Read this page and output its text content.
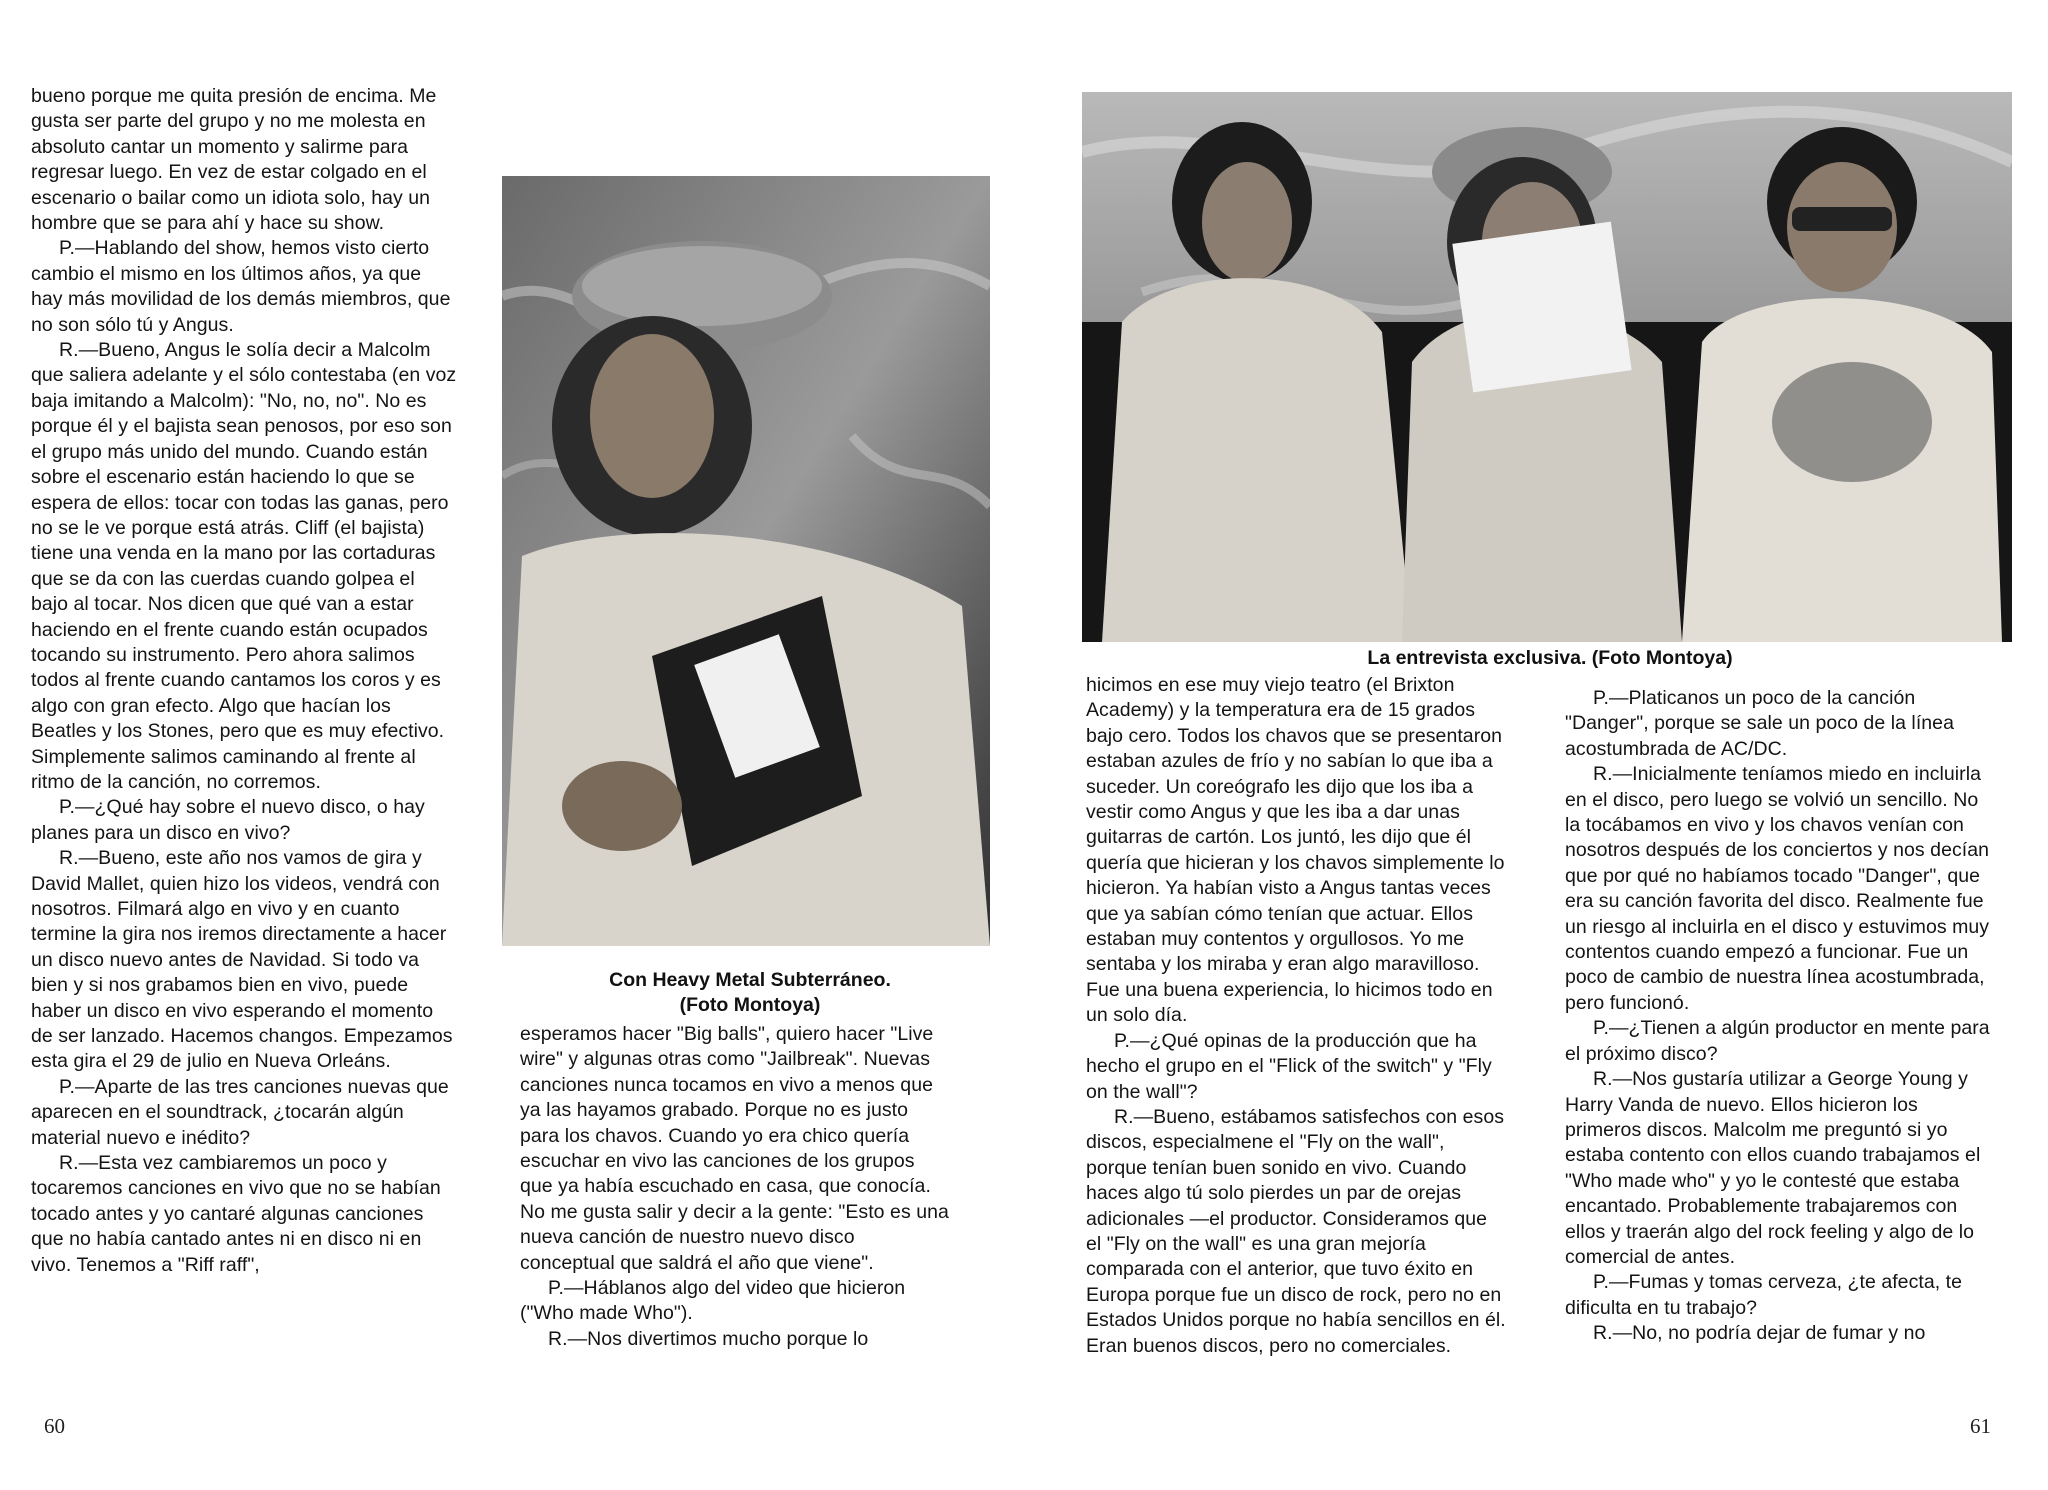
bueno porque me quita presión de encima. Me gusta ser parte del grupo y no me molesta en absoluto cantar un momento y salirme para regresar luego. En vez de estar colgado en el escenario o bailar como un idiota solo, hay un hombre que se para ahí y hace su show.

P.—Hablando del show, hemos visto cierto cambio el mismo en los últimos años, ya que hay más movilidad de los demás miembros, que no son sólo tú y Angus.

R.—Bueno, Angus le solía decir a Malcolm que saliera adelante y el sólo contestaba (en voz baja imitando a Malcolm): "No, no, no". No es porque él y el bajista sean penosos, por eso son el grupo más unido del mundo. Cuando están sobre el escenario están haciendo lo que se espera de ellos: tocar con todas las ganas, pero no se le ve porque está atrás. Cliff (el bajista) tiene una venda en la mano por las cortaduras que se da con las cuerdas cuando golpea el bajo al tocar. Nos dicen que qué van a estar haciendo en el frente cuando están ocupados tocando su instrumento. Pero ahora salimos todos al frente cuando cantamos los coros y es algo con gran efecto. Algo que hacían los Beatles y los Stones, pero que es muy efectivo. Simplemente salimos caminando al frente al ritmo de la canción, no corremos.

P.—¿Qué hay sobre el nuevo disco, o hay planes para un disco en vivo?

R.—Bueno, este año nos vamos de gira y David Mallet, quien hizo los videos, vendrá con nosotros. Filmará algo en vivo y en cuanto termine la gira nos iremos directamente a hacer un disco nuevo antes de Navidad. Si todo va bien y si nos grabamos bien en vivo, puede haber un disco en vivo esperando el momento de ser lanzado. Hacemos changos. Empezamos esta gira el 29 de julio en Nueva Orleáns.

P.—Aparte de las tres canciones nuevas que aparecen en el soundtrack, ¿tocarán algún material nuevo e inédito?

R.—Esta vez cambiaremos un poco y tocaremos canciones en vivo que no se habían tocado antes y yo cantaré algunas canciones que no había cantado antes ni en disco ni en vivo. Tenemos a "Riff raff",

Con Heavy Metal Subterráneo.
(Foto Montoya)

esperamos hacer "Big balls", quiero hacer "Live wire" y algunas otras como "Jailbreak". Nuevas canciones nunca tocamos en vivo a menos que ya las hayamos grabado. Porque no es justo para los chavos. Cuando yo era chico quería escuchar en vivo las canciones de los grupos que ya había escuchado en casa, que conocía. No me gusta salir y decir a la gente: "Esto es una nueva canción de nuestro nuevo disco conceptual que saldrá el año que viene".

P.—Háblanos algo del video que hicieron ("Who made Who").

R.—Nos divertimos mucho porque lo

60
La entrevista exclusiva. (Foto Montoya)

hicimos en ese muy viejo teatro (el Brixton Academy) y la temperatura era de 15 grados bajo cero. Todos los chavos que se presentaron estaban azules de frío y no sabían lo que iba a suceder. Un coreógrafo les dijo que los iba a vestir como Angus y que les iba a dar unas guitarras de cartón. Los juntó, les dijo que él quería que hicieran y los chavos simplemente lo hicieron. Ya habían visto a Angus tantas veces que ya sabían cómo tenían que actuar. Ellos estaban muy contentos y orgullosos. Yo me sentaba y los miraba y eran algo maravilloso. Fue una buena experiencia, lo hicimos todo en un solo día.

P.—¿Qué opinas de la producción que ha hecho el grupo en el "Flick of the switch" y "Fly on the wall"?

R.—Bueno, estábamos satisfechos con esos discos, especialmene el "Fly on the wall", porque tenían buen sonido en vivo. Cuando haces algo tú solo pierdes un par de orejas adicionales —el productor. Consideramos que el "Fly on the wall" es una gran mejoría comparada con el anterior, que tuvo éxito en Europa porque fue un disco de rock, pero no en Estados Unidos porque no había sencillos en él. Eran buenos discos, pero no comerciales.

P.—Platicanos un poco de la canción "Danger", porque se sale un poco de la línea acostumbrada de AC/DC.

R.—Inicialmente teníamos miedo en incluirla en el disco, pero luego se volvió un sencillo. No la tocábamos en vivo y los chavos venían con nosotros después de los conciertos y nos decían que por qué no habíamos tocado "Danger", que era su canción favorita del disco. Realmente fue un riesgo al incluirla en el disco y estuvimos muy contentos cuando empezó a funcionar. Fue un poco de cambio de nuestra línea acostumbrada, pero funcionó.

P.—¿Tienen a algún productor en mente para el próximo disco?

R.—Nos gustaría utilizar a George Young y Harry Vanda de nuevo. Ellos hicieron los primeros discos. Malcolm me preguntó si yo estaba contento con ellos cuando trabajamos el "Who made who" y yo le contesté que estaba encantado. Probablemente trabajaremos con ellos y traerán algo del rock feeling y algo de lo comercial de antes.

P.—Fumas y tomas cerveza, ¿te afecta, te dificulta en tu trabajo?

R.—No, no podría dejar de fumar y no

61
